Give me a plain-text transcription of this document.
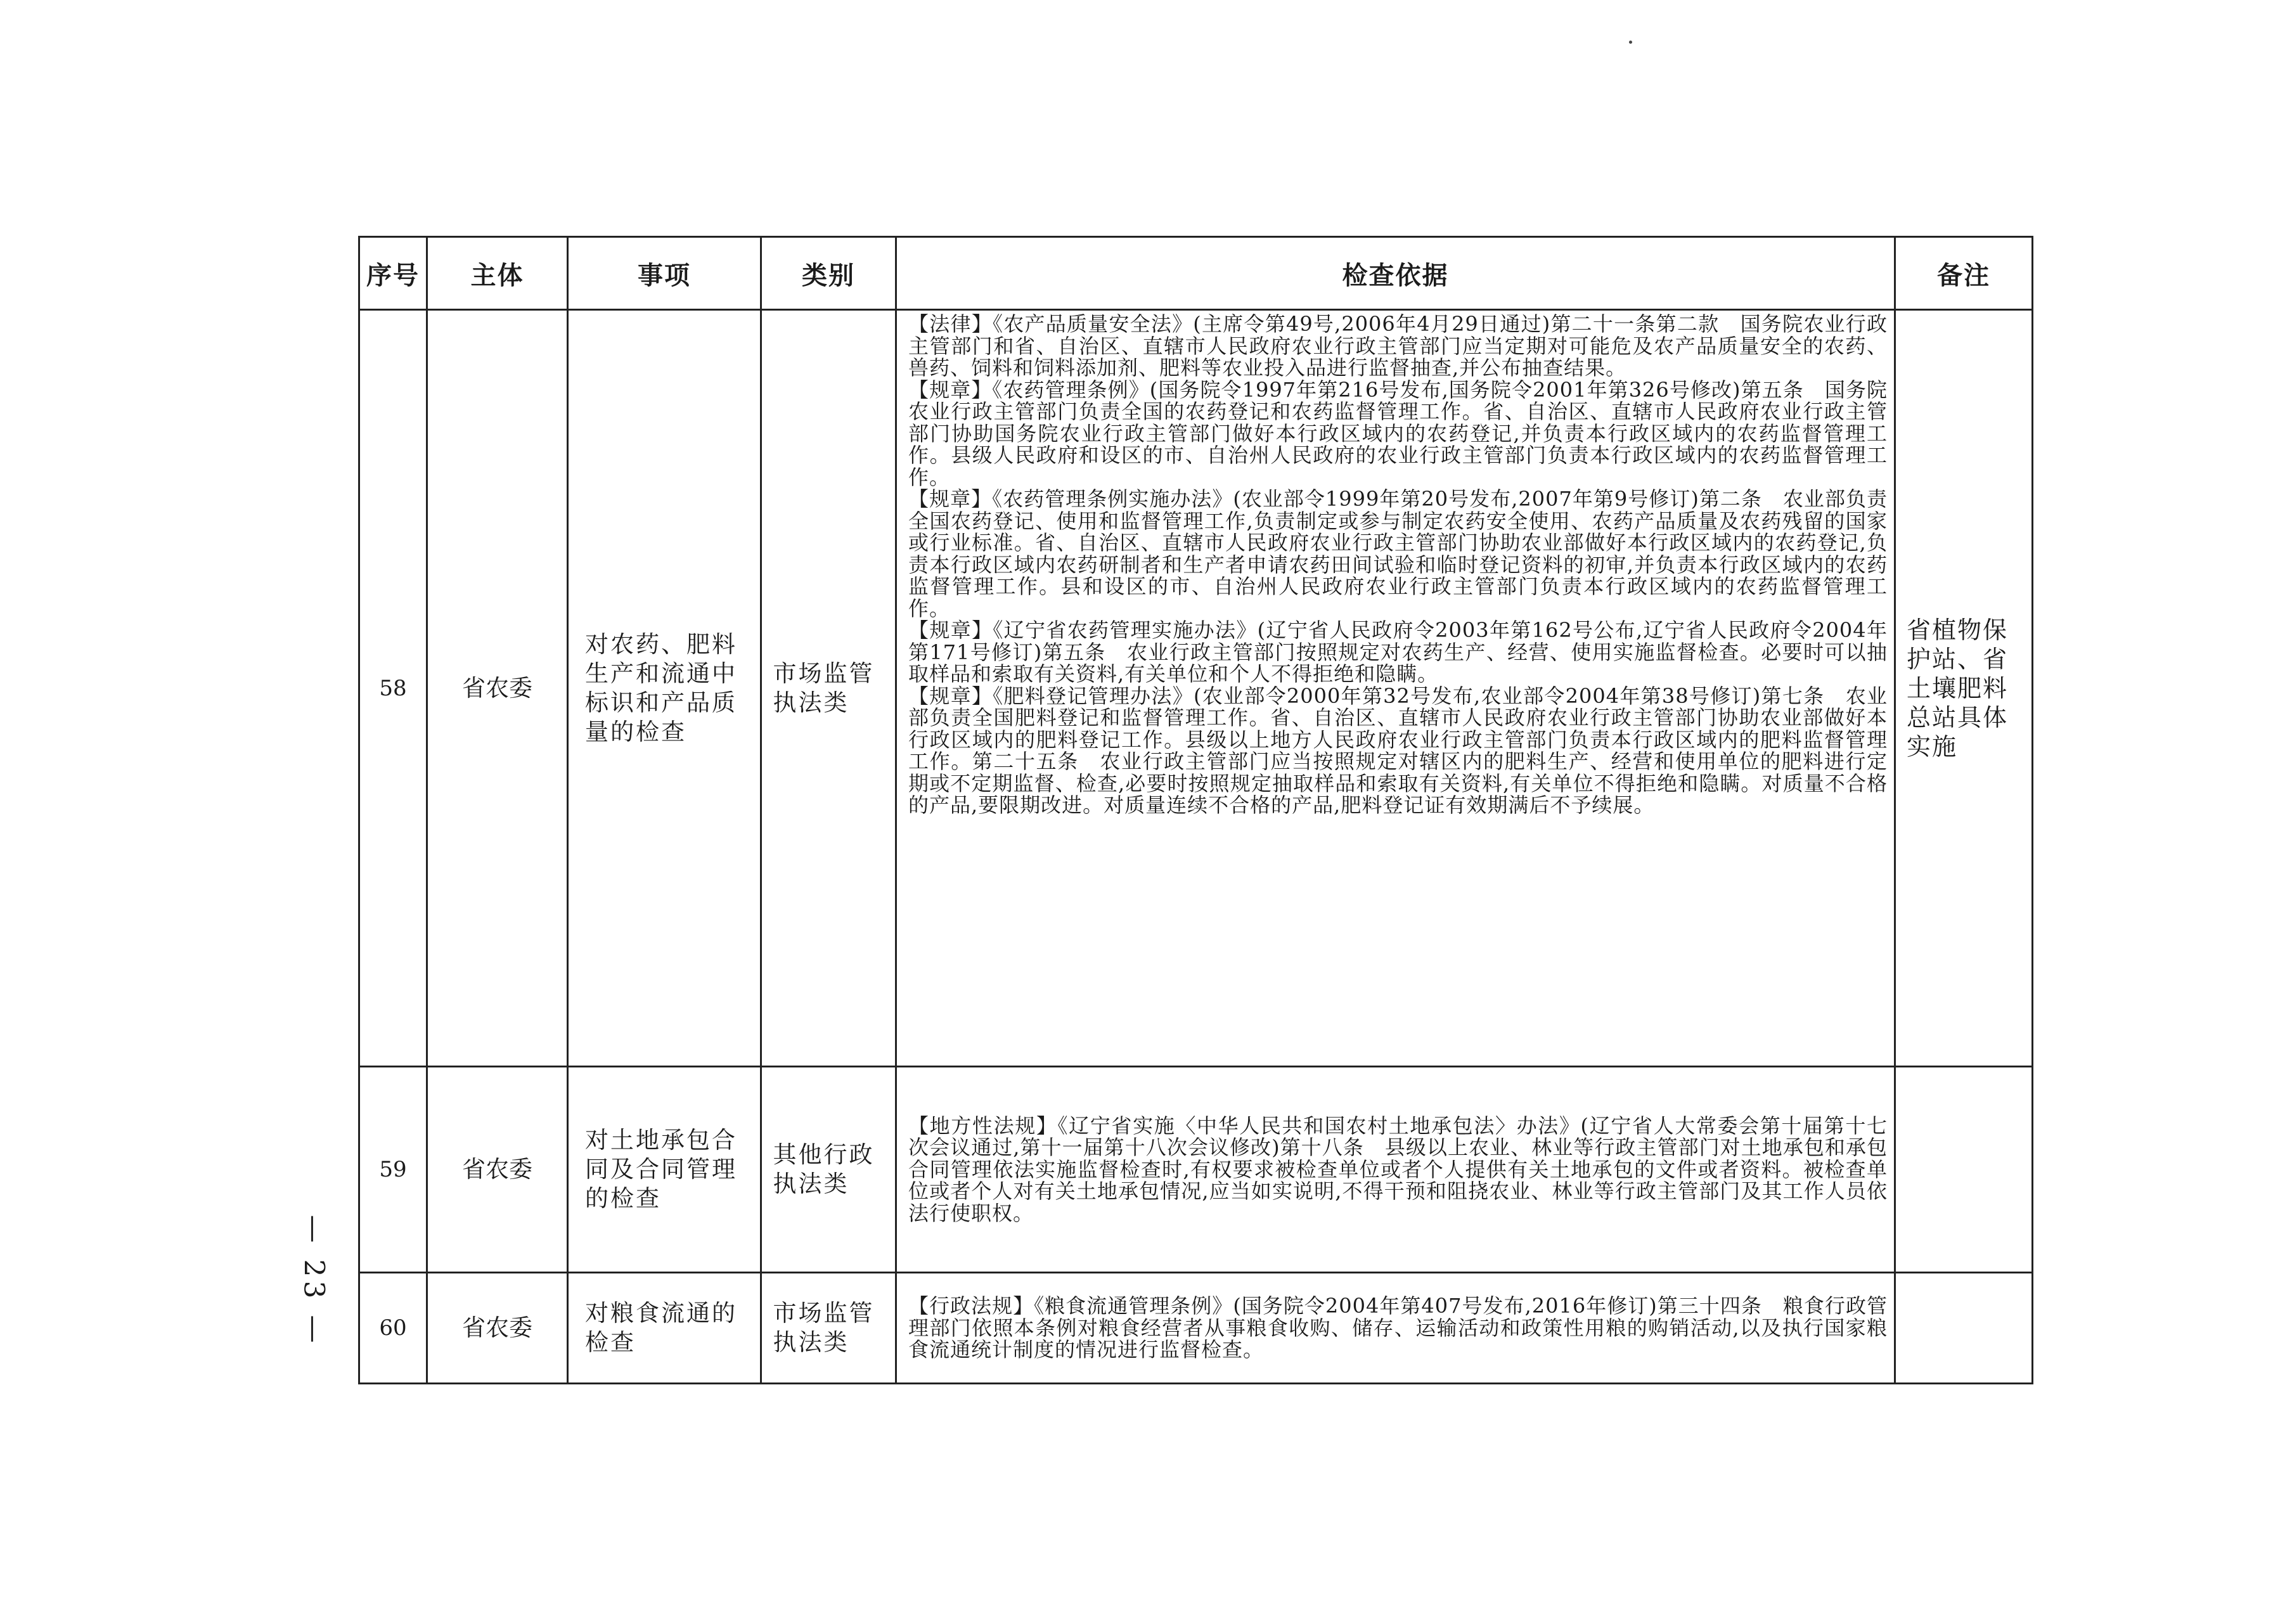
序号	主体	事项	类别	检查依据	备注
58	省农委	对农药、肥料生产和流通中标识和产品质量的检查	市场监管执法类	【法律】《农产品质量安全法》(主席令第49号,2006年4月29日通过)第二十一条第二款　国务院农业行政主管部门和省、自治区、直辖市人民政府农业行政主管部门应当定期对可能危及农产品质量安全的农药、兽药、饲料和饲料添加剂、肥料等农业投入品进行监督抽查,并公布抽查结果。

【规章】《农药管理条例》(国务院令1997年第216号发布,国务院令2001年第326号修改)第五条　国务院农业行政主管部门负责全国的农药登记和农药监督管理工作。省、自治区、直辖市人民政府农业行政主管部门协助国务院农业行政主管部门做好本行政区域内的农药登记,并负责本行政区域内的农药监督管理工作。县级人民政府和设区的市、自治州人民政府的农业行政主管部门负责本行政区域内的农药监督管理工作。

【规章】《农药管理条例实施办法》(农业部令1999年第20号发布,2007年第9号修订)第二条　农业部负责全国农药登记、使用和监督管理工作,负责制定或参与制定农药安全使用、农药产品质量及农药残留的国家或行业标准。省、自治区、直辖市人民政府农业行政主管部门协助农业部做好本行政区域内的农药登记,负责本行政区域内农药研制者和生产者申请农药田间试验和临时登记资料的初审,并负责本行政区域内的农药监督管理工作。县和设区的市、自治州人民政府农业行政主管部门负责本行政区域内的农药监督管理工作。

【规章】《辽宁省农药管理实施办法》(辽宁省人民政府令2003年第162号公布,辽宁省人民政府令2004年第171号修订)第五条　农业行政主管部门按照规定对农药生产、经营、使用实施监督检查。必要时可以抽取样品和索取有关资料,有关单位和个人不得拒绝和隐瞒。

【规章】《肥料登记管理办法》(农业部令2000年第32号发布,农业部令2004年第38号修订)第七条　农业部负责全国肥料登记和监督管理工作。省、自治区、直辖市人民政府农业行政主管部门协助农业部做好本行政区域内的肥料登记工作。县级以上地方人民政府农业行政主管部门负责本行政区域内的肥料监督管理工作。第二十五条　农业行政主管部门应当按照规定对辖区内的肥料生产、经营和使用单位的肥料进行定期或不定期监督、检查,必要时按照规定抽取样品和索取有关资料,有关单位不得拒绝和隐瞒。对质量不合格的产品,要限期改进。对质量连续不合格的产品,肥料登记证有效期满后不予续展。	省植物保护站、省土壤肥料总站具体实施
59	省农委	对土地承包合同及合同管理的检查	其他行政执法类	【地方性法规】《辽宁省实施〈中华人民共和国农村土地承包法〉办法》(辽宁省人大常委会第十届第十七次会议通过,第十一届第十八次会议修改)第十八条　县级以上农业、林业等行政主管部门对土地承包和承包合同管理依法实施监督检查时,有权要求被检查单位或者个人提供有关土地承包的文件或者资料。被检查单位或者个人对有关土地承包情况,应当如实说明,不得干预和阻挠农业、林业等行政主管部门及其工作人员依法行使职权。	

60	省农委	对粮食流通的检查	市场监管执法类	【行政法规】《粮食流通管理条例》(国务院令2004年第407号发布,2016年修订)第三十四条　粮食行政管理部门依照本条例对粮食经营者从事粮食收购、储存、运输活动和政策性用粮的购销活动,以及执行国家粮食流通统计制度的情况进行监督检查。	

— 23 —
